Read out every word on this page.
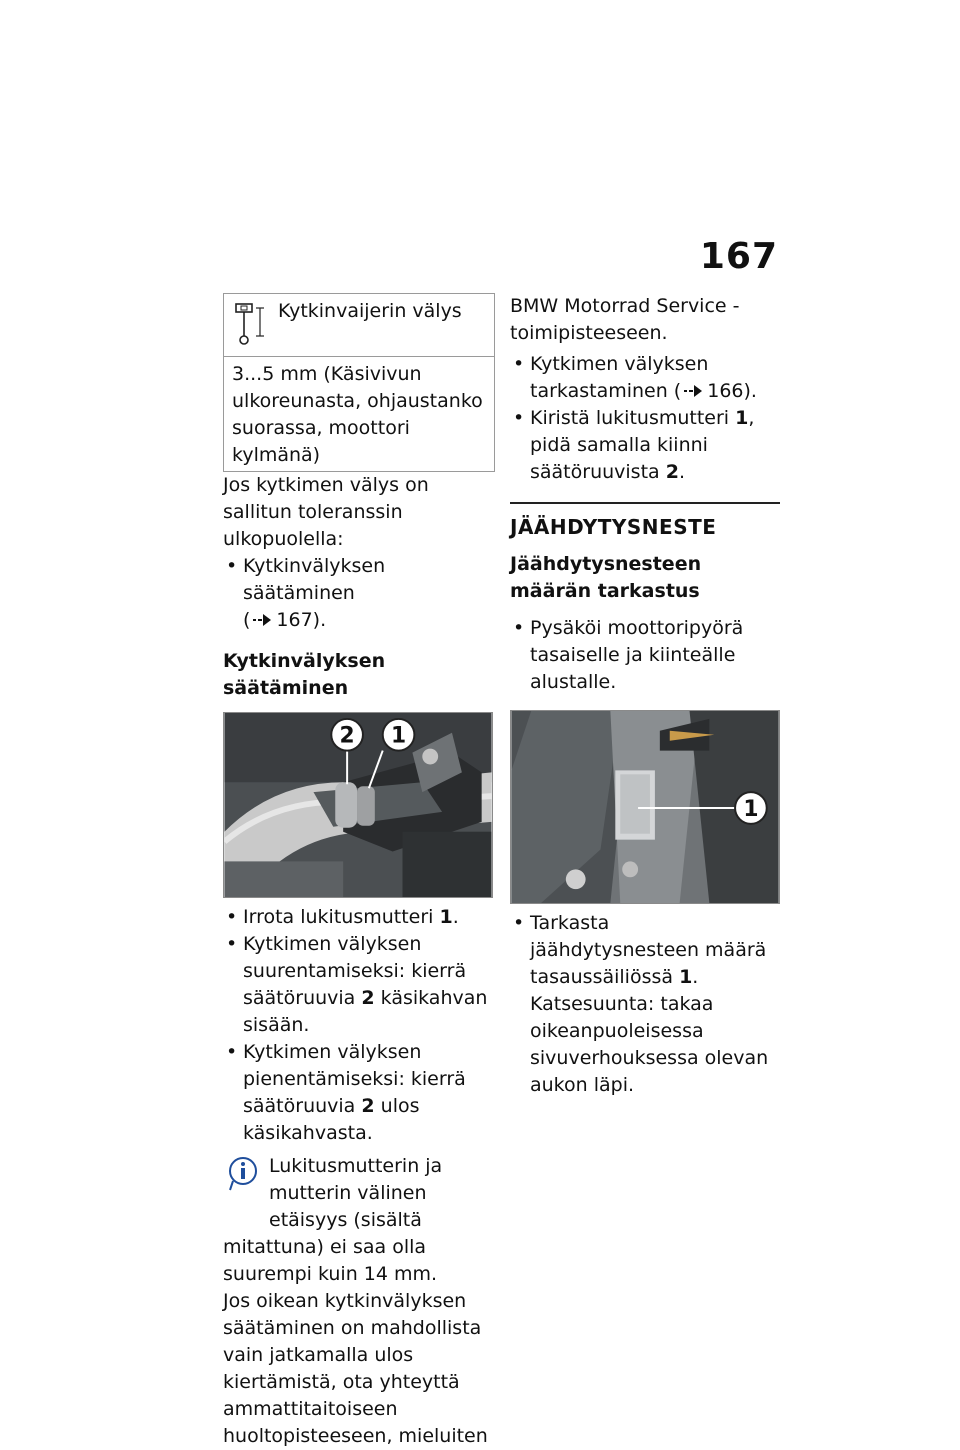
167
Kytkinvaijerin välys
3...5 mm (Käsivivun ulkoreunasta, ohjaustanko suorassa, moottori kylmänä)

Jos kytkimen välys on sallitun toleranssin ulkopuolella:

• Kytkinvälyksen säätäminen
( 167).

Kytkinvälyksen säätäminen

2 1
• Irrota lukitusmutteri 1.
• Kytkimen välyksen suurentamiseksi: kierrä säätöruuvia 2 käsikahvan sisään.
• Kytkimen välyksen pienentämiseksi: kierrä säätöruuvia 2 ulos käsikahvasta.
Lukitusmutterin ja mutterin välinen etäisyys (sisältä

mitattuna) ei saa olla suurempi kuin 14 mm.

Jos oikean kytkinvälyksen säätäminen on mahdollista vain jatkamalla ulos kiertämistä, ota yhteyttä ammattitaitoiseen huoltopisteeseen, mieluiten

BMW Motorrad Service -toimipisteeseen.

• Kytkimen välyksen tarkastaminen ( 166).
• Kiristä lukitusmutteri 1, pidä samalla kiinni säätöruuvista 2.
JÄÄHDYTYSNESTE

Jäähdytysnesteen määrän tarkastus

• Pysäköi moottoripyörä tasaiselle ja kiinteälle alustalle.
1
• Tarkasta jäähdytysnesteen määrä tasaussäiliössä 1. Katsesuunta: takaa oikeanpuoleisessa sivuverhouksessa olevan aukon läpi.
